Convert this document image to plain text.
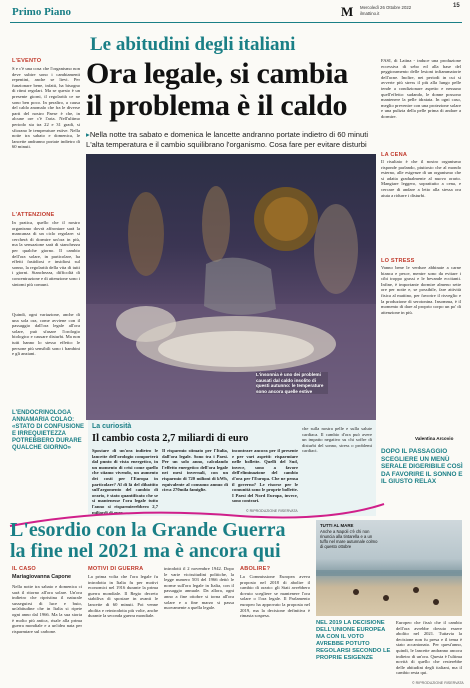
Primo Piano	M Mercoledì 26 Ottobre 2022
ilmattino.it
15
Le abitudini degli italiani
L'EVENTO

S e c'è una cosa che l'organismo non deve subire sono i cambiamenti repentini, anche se lievi. Per funzionare bene, infatti, ha bisogno di ritmi regolari. Ma se questo è un presente giorni, il regolarità ce ne sono ben poco. In peraltro, a causa del caldo anomalo che fra le diverse parti del nostro Paese è che, in alcune ore c'è l'aria. Nell'ultimo periodo sta tra 22 e 31 gradi, si sfiorano le temperature estive. Nella notte tra sabato e domenica, le lancette andranno portate indietro di 60 minuti.

L'ATTENZIONE

In pratica, quello che il nostro organismo dovrà affrontare sarà la mancanza di un ciclo regolare: si cercherà di dormire un'ora in più, ma la sensazione sarà di stanchezza per qualche giorno. Il cambio dell'ora solare, in particolare, ha effetti fastidiosi e insidiosi sul sonno, la regolarità della vita di tutti i giorni. Stanchezza, difficoltà di concentrazione e di attenzione sono i sintomi più comuni.

Quindi, ogni variazione, anche di una sola ora, come avviene con il passaggio dall'ora legale all'ora solare, può sfasare l'orologio biologico e causare disturbi. Ma non tutti hanno lo stesso effetto: le persone più sensibili sono i bambini e gli anziani.

L'ENDOCRINOLOGA ANNAMARIA COLAO:
«STATO DI CONFUSIONE E IRREQUIETEZZA POTREBBERO DURARE QUALCHE GIORNO»
Ora legale, si cambia
il problema è il caldo
▸Nella notte tra sabato e domenica le lancette andranno portate indietro di 60 minuti
L'alta temperatura e il cambio squilibrano l'organismo. Cosa fare per evitare disturbi
L'insonnia è uno dei problemi causati dal caldo insolito di questi autunno: le temperature sono ancora quelle estive

FASI, di Latina - induce una produzione eccessiva di sebo ed alla base del peggioramento delle lesioni infiammatorie dell'acne. Inoltre, nei periodi in cui si avverte più stress il più alla lungo pelle tende a condizionare aspetto e nessuno quell'effetto: sudando, le donne possono mantenere la pelle idratata. In ogni caso, meglio prevenire con una protezione solare e una pulizia della pelle prima di andare a dormire.

LA CENA

Il risultato è che il nostro organismo risponde parlando, piuttosto che al mondo esterno, alle esigenze di un organismo che si adatta gradualmente al nuovo orario. Mangiare leggero, soprattutto a cena, e cercare di andare a letto alla stessa ora aiuta a ridurre i disturbi.

LO STRESS

Vanno bene le verdure abbinate a carne bianca e pesce, mentre sono da evitare i cibi troppo grassi e le bevande eccitanti. Infine, è importante dormire almeno sette ore per notte e, se possibile, fare attività fisica al mattino, per favorire il risveglio e la produzione di serotonina. Insomma, è il momento di dare al proprio corpo un po' di attenzione in più.

Valentina Arcovio
DOPO IL PASSAGGIO SCEGLIERE UN MENÙ SERALE DIGERIBILE COSÌ DA FAVORIRE IL SONNO E IL GIUSTO RELAX
La curiosità
Il cambio costa 2,7 miliardi di euro

Spostare di un'ora indietro le lancette dell'orologio comporterà dal punto di vista energetico, in un momento di crisi come quello che stiamo vivendo, un aumento dei costi per l'Europa in particolare? Al di là del dibattito sull'argomento del cambio di orario, è stato quantificato che se si mantenesse l'ora legale tutto l'anno si risparmierebbero 2,7 miliardi di euro.

Il risparmio stimato per l'Italia, dall'ora legale. Sono tra i Paesi. Per un solo anno, calcolando l'effetto energetico dell'ora legale nei mesi invernali, con un risparmio di 720 milioni di kWh, equivalente al consumo annuo di circa 270mila famiglie.

incontrare ancora per il presente e per vari aspetti: risparmiare nelle bollette. Quelli del Sud, invece, sono a favore dell'eliminazione del cambio d'ora per l'Europa. Che ne pensa il governo? Le risorse per le comunità sono le proprie bollette. I Paesi del Nord Europa, invece, sono contrari.

© RIPRODUZIONE RISERVATA

che sulla nostra pelle e sulla salute cardiaca. Il cambio d'ora può avere un impatto negativo su chi soffre di disturbi del sonno, stress o problemi cardiaci.

L'esordio con la Grande Guerra
la fine nel 2021 ma è ancora qui
IL CASO
Mariagiovanna Capone

Nella notte tra sabato e domenica ci sarà il ritorno all'ora solare. Un'ora indietro che ripristina il naturale susseguirsi di luce e buio, un'abitudine che in Italia si ripete ogni anno dal 1966. Ma la sua storia è molto più antica, risale alla prima guerra mondiale e a un'idea nata per risparmiare sul carbone.

MOTIVI DI GUERRA

La prima volta che l'ora legale fu introdotta in Italia fu per motivi economici nel 1916 durante la prima guerra mondiale. Il Regio decreto stabiliva di spostare in avanti le lancette di 60 minuti. Poi venne abolita e reintrodotta più volte, anche durante la seconda guerra mondiale.

introdotti il 2 novembre 1942. Dopo le varie vicissitudini politiche, la legge numero 503 del 1966 dettò le norme sull'ora legale in Italia, con il passaggio annuale. Da allora, ogni anno a fine ottobre si torna all'ora solare e a fine marzo si passa nuovamente a quella legale.

ABOLIRE?

La Commissione Europea aveva proposto nel 2018 di abolire il cambio di orario: gli Stati avrebbero dovuto scegliere se mantenere l'ora solare o l'ora legale. Il Parlamento europeo ha approvato la proposta nel 2019, ma la decisione definitiva è rimasta sospesa.

TUTTI AL MARE
Anche a Napoli c'è chi non rinuncia alla tintarella e a un tuffo nel mare autunnale colmo di questo ottobre
NEL 2019 LA DECISIONE DELL'UNIONE EUROPEA MA CON IL VOTO AVREBBE POTUTO REGOLARSI SECONDO LE PROPRIE ESIGENZE

Europeo che fissò che il cambio dell'ora avrebbe dovuto essere abolito nel 2021. Tuttavia la decisione non fu presa e il tema è stato accantonato. Per quest'anno, quindi, le lancette andranno ancora indietro di un'ora. Questa è l'ultima novità di quello che resterebbe delle abitudini degli italiani, ma il cambio resta qui.

© RIPRODUZIONE RISERVATA
